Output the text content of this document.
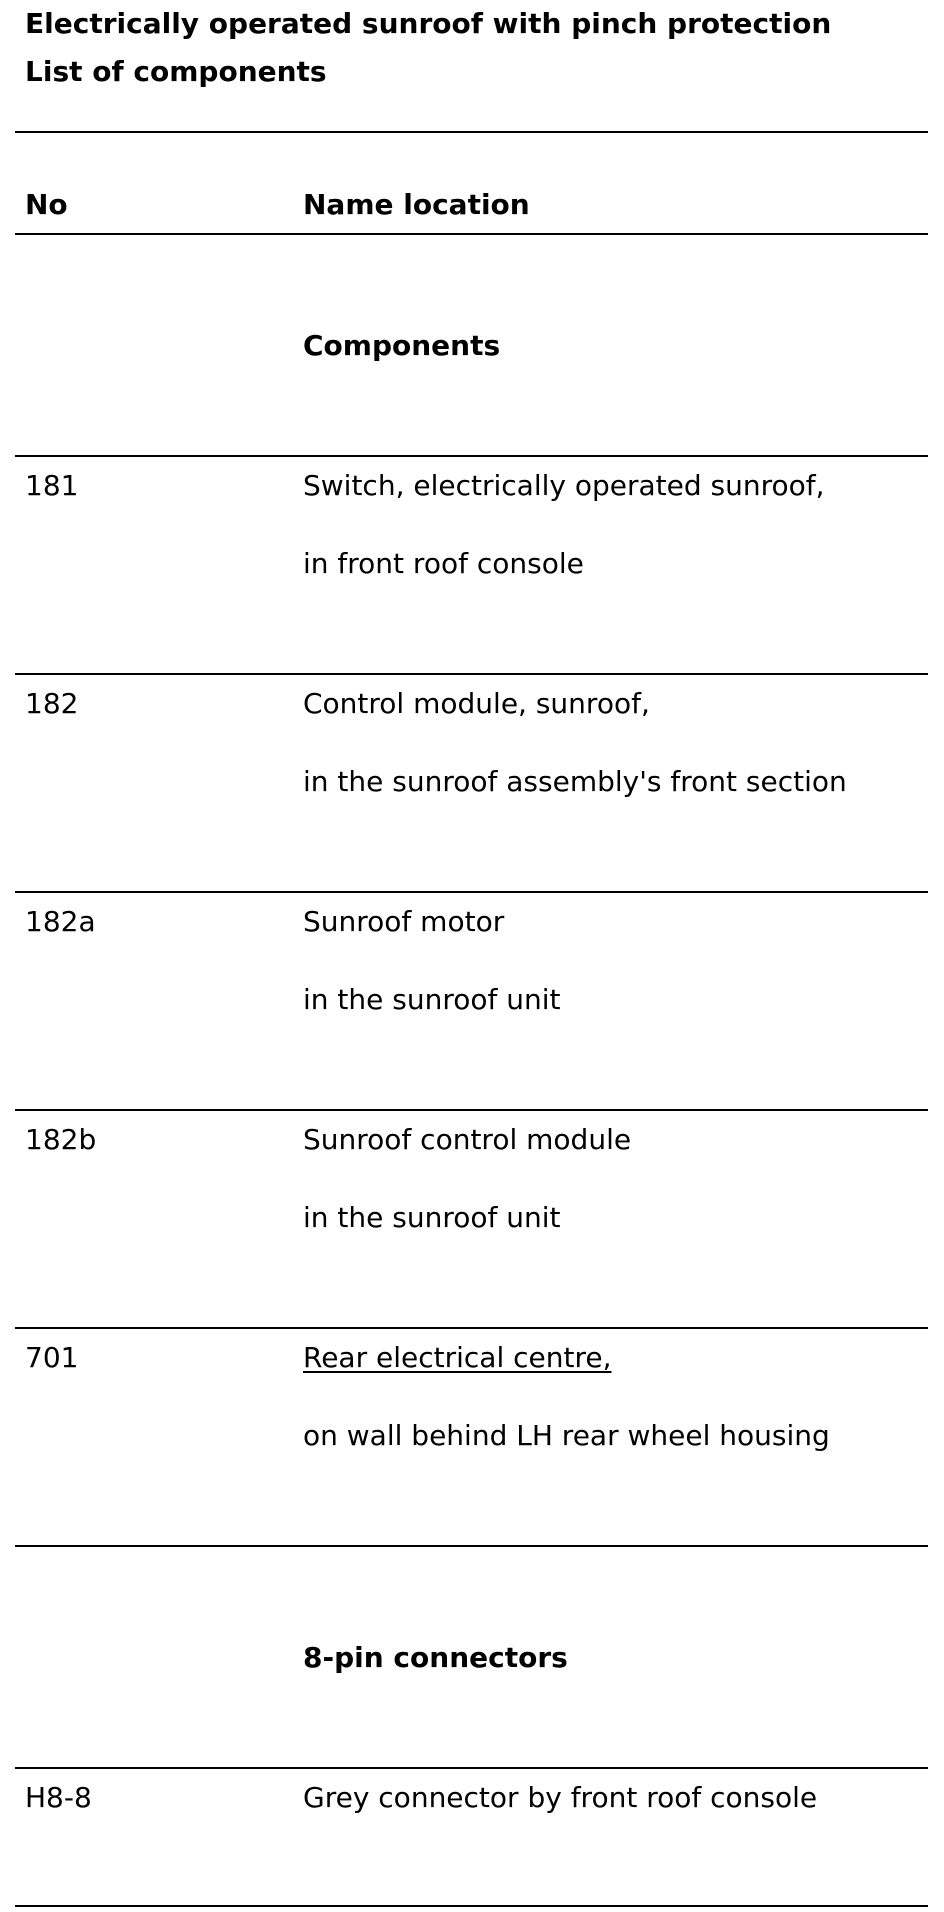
Electrically operated sunroof with pinch protection
List of components
No	Name location
Components
181	Switch, electrically operated sunroof,
in front roof console
182	Control module, sunroof,
in the sunroof assembly's front section
182a	Sunroof motor
in the sunroof unit
182b	Sunroof control module
in the sunroof unit
701	Rear electrical centre,
on wall behind LH rear wheel housing
8-pin connectors
H8-8	Grey connector by front roof console
